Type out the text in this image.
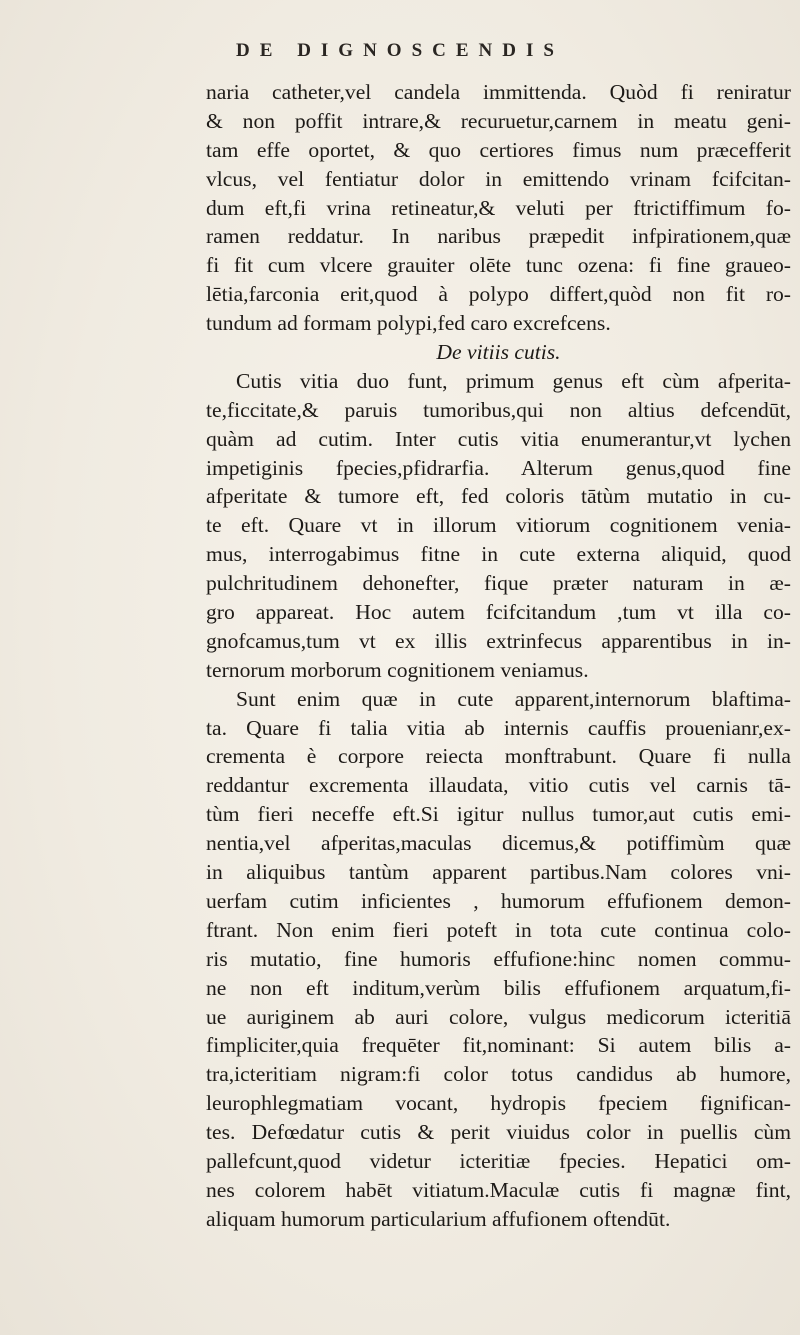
DE DIGNOSCENDIS
naria catheter,vel candela immittenda. Quòd fi reniratur
& non poffit intrare,& recuruetur,carnem in meatu geni-
tam effe oportet, & quo certiores fimus num præcefferit
vlcus, vel fentiatur dolor in emittendo vrinam fcifcitan-
dum eft,fi vrina retineatur,& veluti per ftrictiffimum fo-
ramen reddatur. In naribus præpedit infpirationem,quæ
fi fit cum vlcere grauiter olēte tunc ozena: fi fine graueo-
lētia,farconia erit,quod à polypo differt,quòd non fit ro-
tundum ad formam polypi,fed caro excrefcens.
De vitiis cutis.
Cutis vitia duo funt, primum genus eft cùm afperita-
te,ficcitate,& paruis tumoribus,qui non altius defcendūt,
quàm ad cutim. Inter cutis vitia enumerantur,vt lychen
impetiginis fpecies,pfidrarfia. Alterum genus,quod fine
afperitate & tumore eft, fed coloris tātùm mutatio in cu-
te eft. Quare vt in illorum vitiorum cognitionem venia-
mus, interrogabimus fitne in cute externa aliquid, quod
pulchritudinem dehonefter, fique præter naturam in æ-
gro appareat. Hoc autem fcifcitandum ,tum vt illa co-
gnofcamus,tum vt ex illis extrinfecus apparentibus in in-
ternorum morborum cognitionem veniamus.
Sunt enim quæ in cute apparent,internorum blaftima-
ta. Quare fi talia vitia ab internis cauffis prouenianr,ex-
crementa è corpore reiecta monftrabunt. Quare fi nulla
reddantur excrementa illaudata, vitio cutis vel carnis tā-
tùm fieri neceffe eft.Si igitur nullus tumor,aut cutis emi-
nentia,vel afperitas,maculas dicemus,& potiffimùm quæ
in aliquibus tantùm apparent partibus.Nam colores vni-
uerfam cutim inficientes , humorum effufionem demon-
ftrant. Non enim fieri poteft in tota cute continua colo-
ris mutatio, fine humoris effufione:hinc nomen commu-
ne non eft inditum,verùm bilis effufionem arquatum,fi-
ue auriginem ab auri colore, vulgus medicorum icteritiā
fimpliciter,quia frequēter fit,nominant: Si autem bilis a-
tra,icteritiam nigram:fi color totus candidus ab humore,
leurophlegmatiam vocant, hydropis fpeciem fignifican-
tes. Defœdatur cutis & perit viuidus color in puellis cùm
pallefcunt,quod videtur icteritiæ fpecies. Hepatici om-
nes colorem habēt vitiatum.Maculæ cutis fi magnæ fint,
aliquam humorum particularium affufionem oftendūt.
